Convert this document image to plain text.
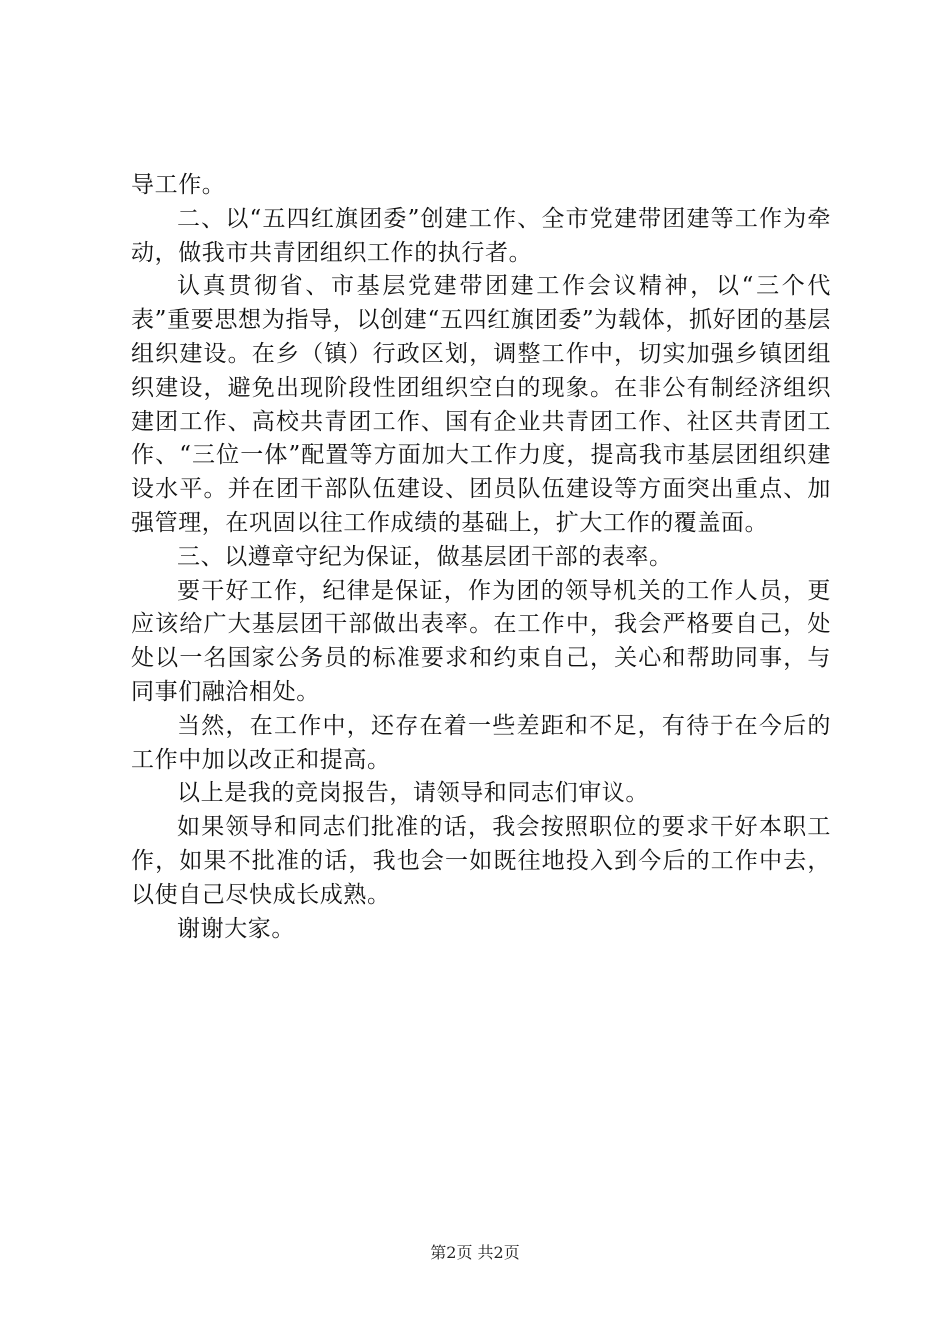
导工作。

二、以“五四红旗团委”创建工作、全市党建带团建等工作为牵动，做我市共青团组织工作的执行者。

认真贯彻省、市基层党建带团建工作会议精神，以“三个代表”重要思想为指导，以创建“五四红旗团委”为载体，抓好团的基层组织建设。在乡（镇）行政区划，调整工作中，切实加强乡镇团组织建设，避免出现阶段性团组织空白的现象。在非公有制经济组织建团工作、高校共青团工作、国有企业共青团工作、社区共青团工作、“三位一体”配置等方面加大工作力度，提高我市基层团组织建设水平。并在团干部队伍建设、团员队伍建设等方面突出重点、加强管理，在巩固以往工作成绩的基础上，扩大工作的覆盖面。

三、以遵章守纪为保证，做基层团干部的表率。

要干好工作，纪律是保证，作为团的领导机关的工作人员，更应该给广大基层团干部做出表率。在工作中，我会严格要自己，处处以一名国家公务员的标准要求和约束自己，关心和帮助同事，与同事们融洽相处。

当然，在工作中，还存在着一些差距和不足，有待于在今后的工作中加以改正和提高。

以上是我的竞岗报告，请领导和同志们审议。

如果领导和同志们批准的话，我会按照职位的要求干好本职工作，如果不批准的话，我也会一如既往地投入到今后的工作中去，以使自己尽快成长成熟。

谢谢大家。

第2页 共2页
